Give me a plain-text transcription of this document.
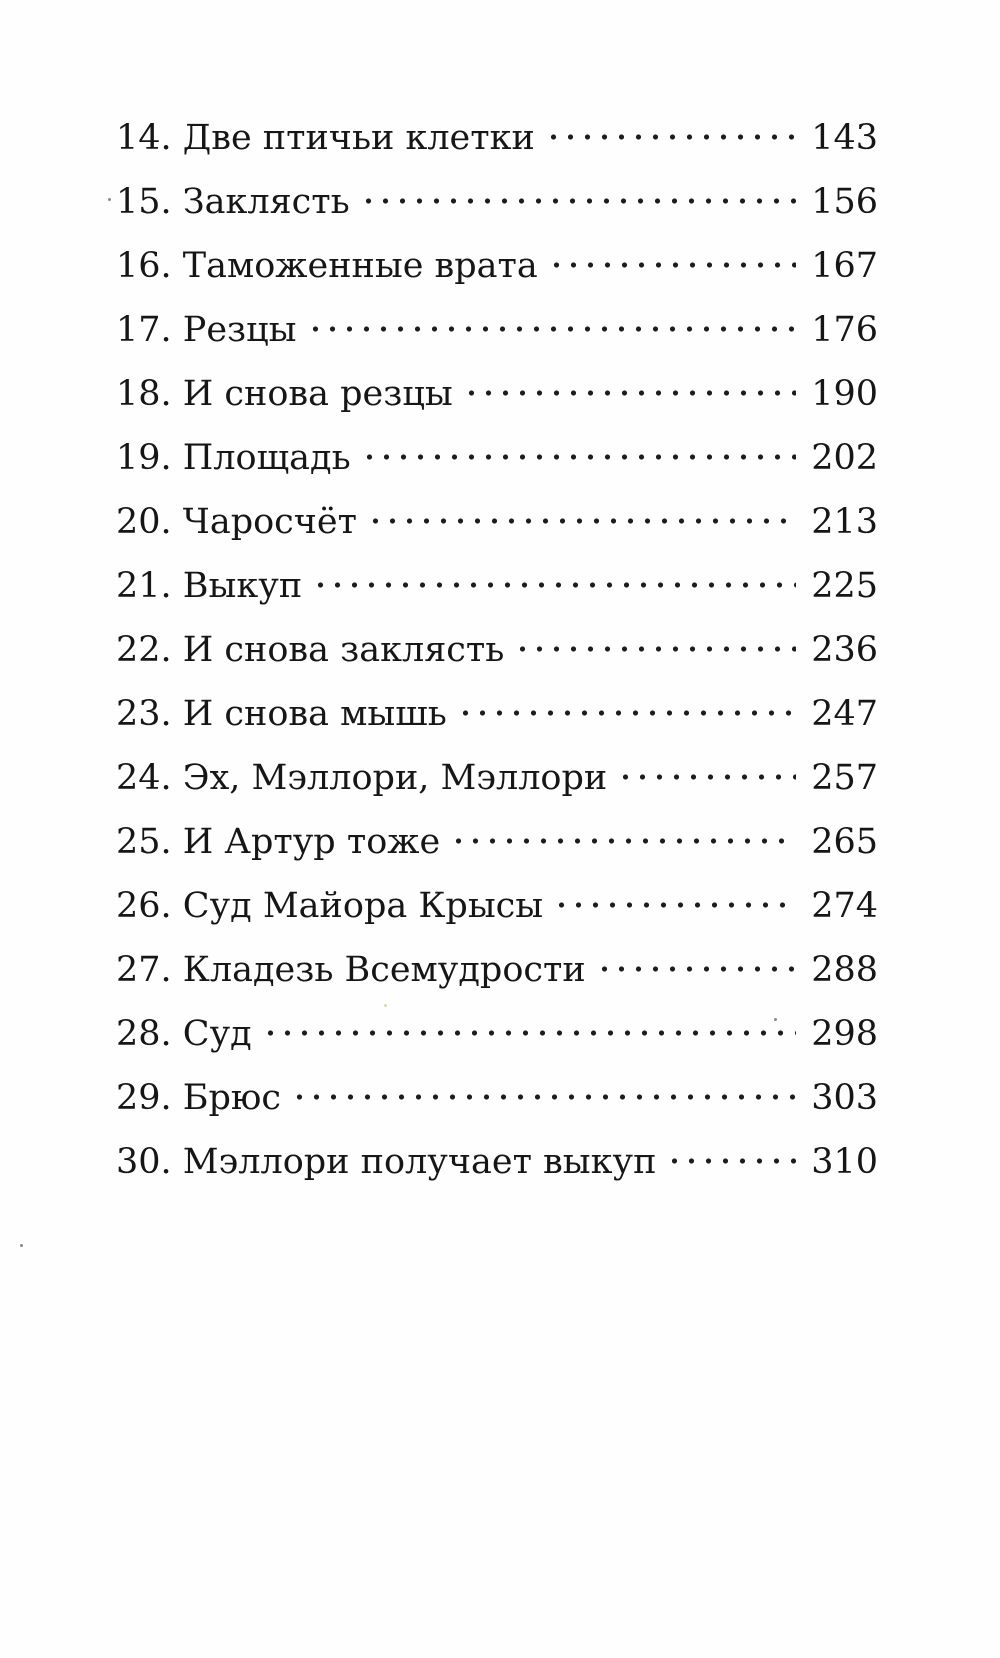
14. Две птичьи клетки	143
15. Заклясть	156
16. Таможенные врата	167
17. Резцы	176
18. И снова резцы	190
19. Площадь	202
20. Чаросчёт	213
21. Выкуп	225
22. И снова заклясть	236
23. И снова мышь	247
24. Эх, Мэллори, Мэллори	257
25. И Артур тоже	265
26. Суд Майора Крысы	274
27. Кладезь Всемудрости	288
28. Суд	298
29. Брюс	303
30. Мэллори получает выкуп	310
